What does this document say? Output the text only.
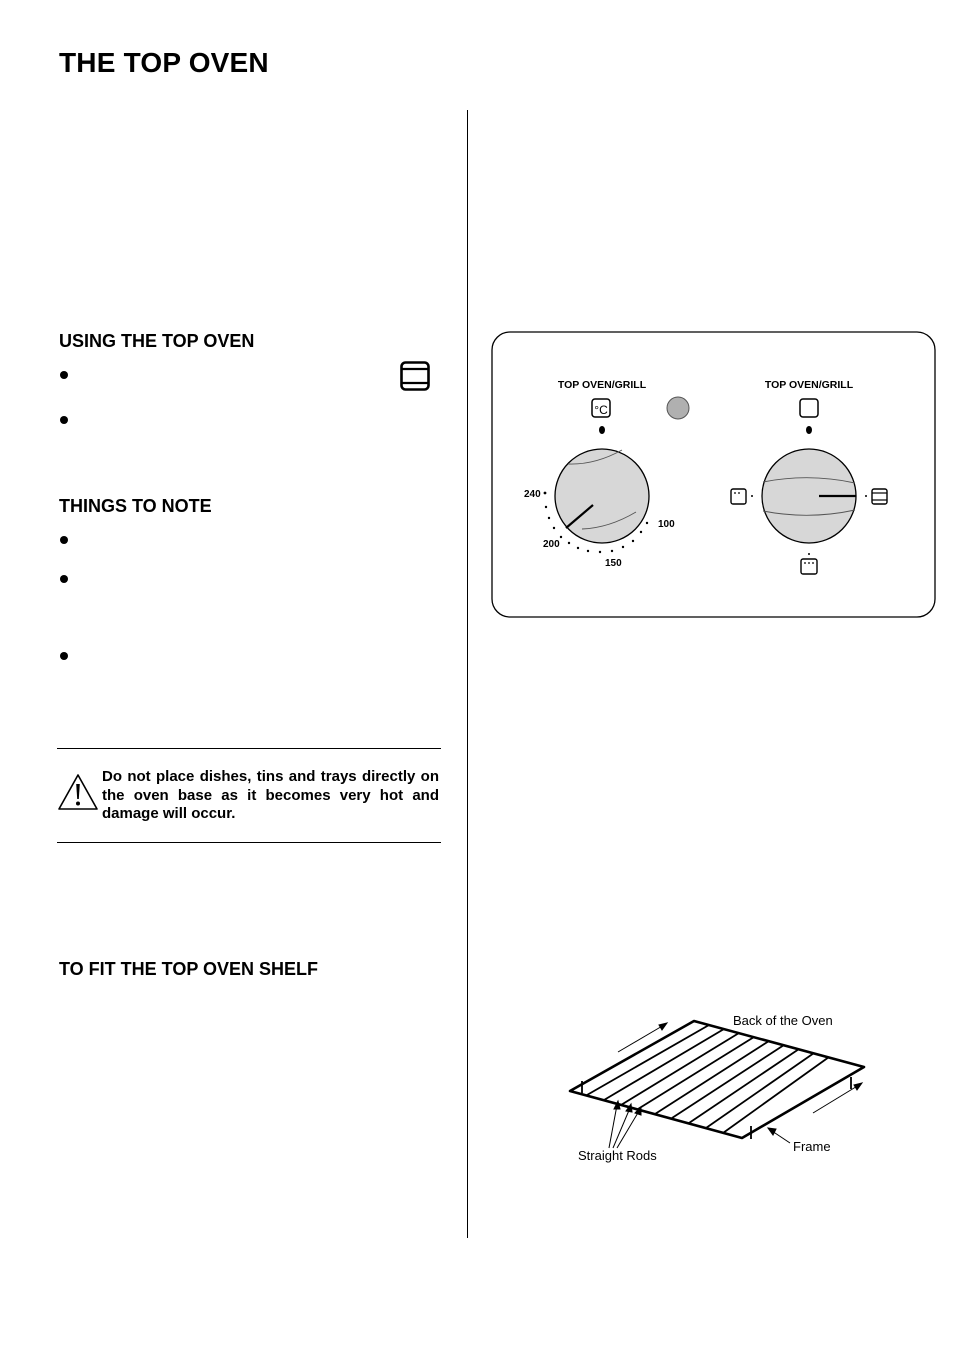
THE TOP OVEN
USING THE TOP OVEN
THINGS TO NOTE
Do not place dishes, tins and trays directly on the oven base as it becomes very hot and damage will occur.
TO FIT THE TOP OVEN SHELF
TOP OVEN/GRILL
°C
240
200
150
100
TOP OVEN/GRILL
Back of the Oven
Frame
Straight Rods
